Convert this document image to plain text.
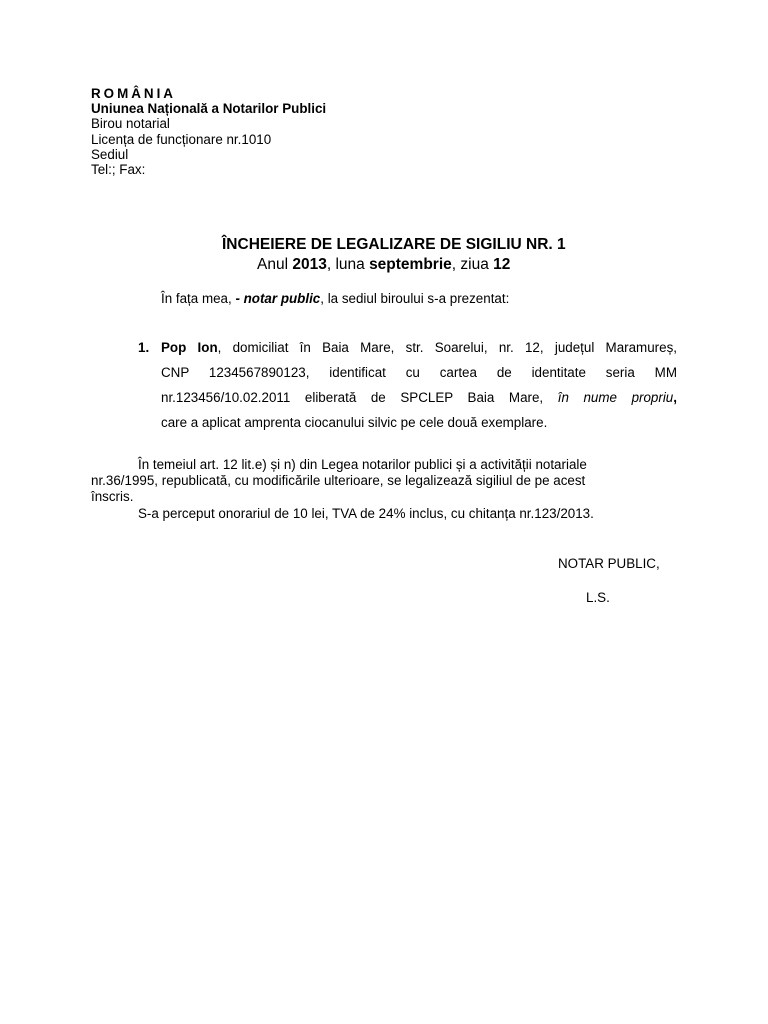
ROMÂNIA
Uniunea Națională a Notarilor Publici
Birou notarial
Licența de funcționare nr.1010
Sediul
Tel:; Fax:
ÎNCHEIERE DE LEGALIZARE DE SIGILIU NR. 1
Anul 2013, luna septembrie, ziua 12
În fața mea, - notar public, la sediul biroului s-a prezentat:
1. Pop Ion, domiciliat în Baia Mare, str. Soarelui, nr. 12, județul Maramureș,
CNP 1234567890123, identificat cu cartea de identitate seria MM
nr.123456/10.02.2011 eliberată de SPCLEP Baia Mare, în nume propriu,
care a aplicat amprenta ciocanului silvic pe cele două exemplare.
În temeiul art. 12 lit.e) și n) din Legea notarilor publici și a activității notariale
nr.36/1995, republicată, cu modificările ulterioare, se legalizează sigiliul de pe acest
înscris.
S-a perceput onorariul de 10 lei, TVA de 24% inclus, cu chitanța nr.123/2013.
NOTAR PUBLIC,
L.S.
